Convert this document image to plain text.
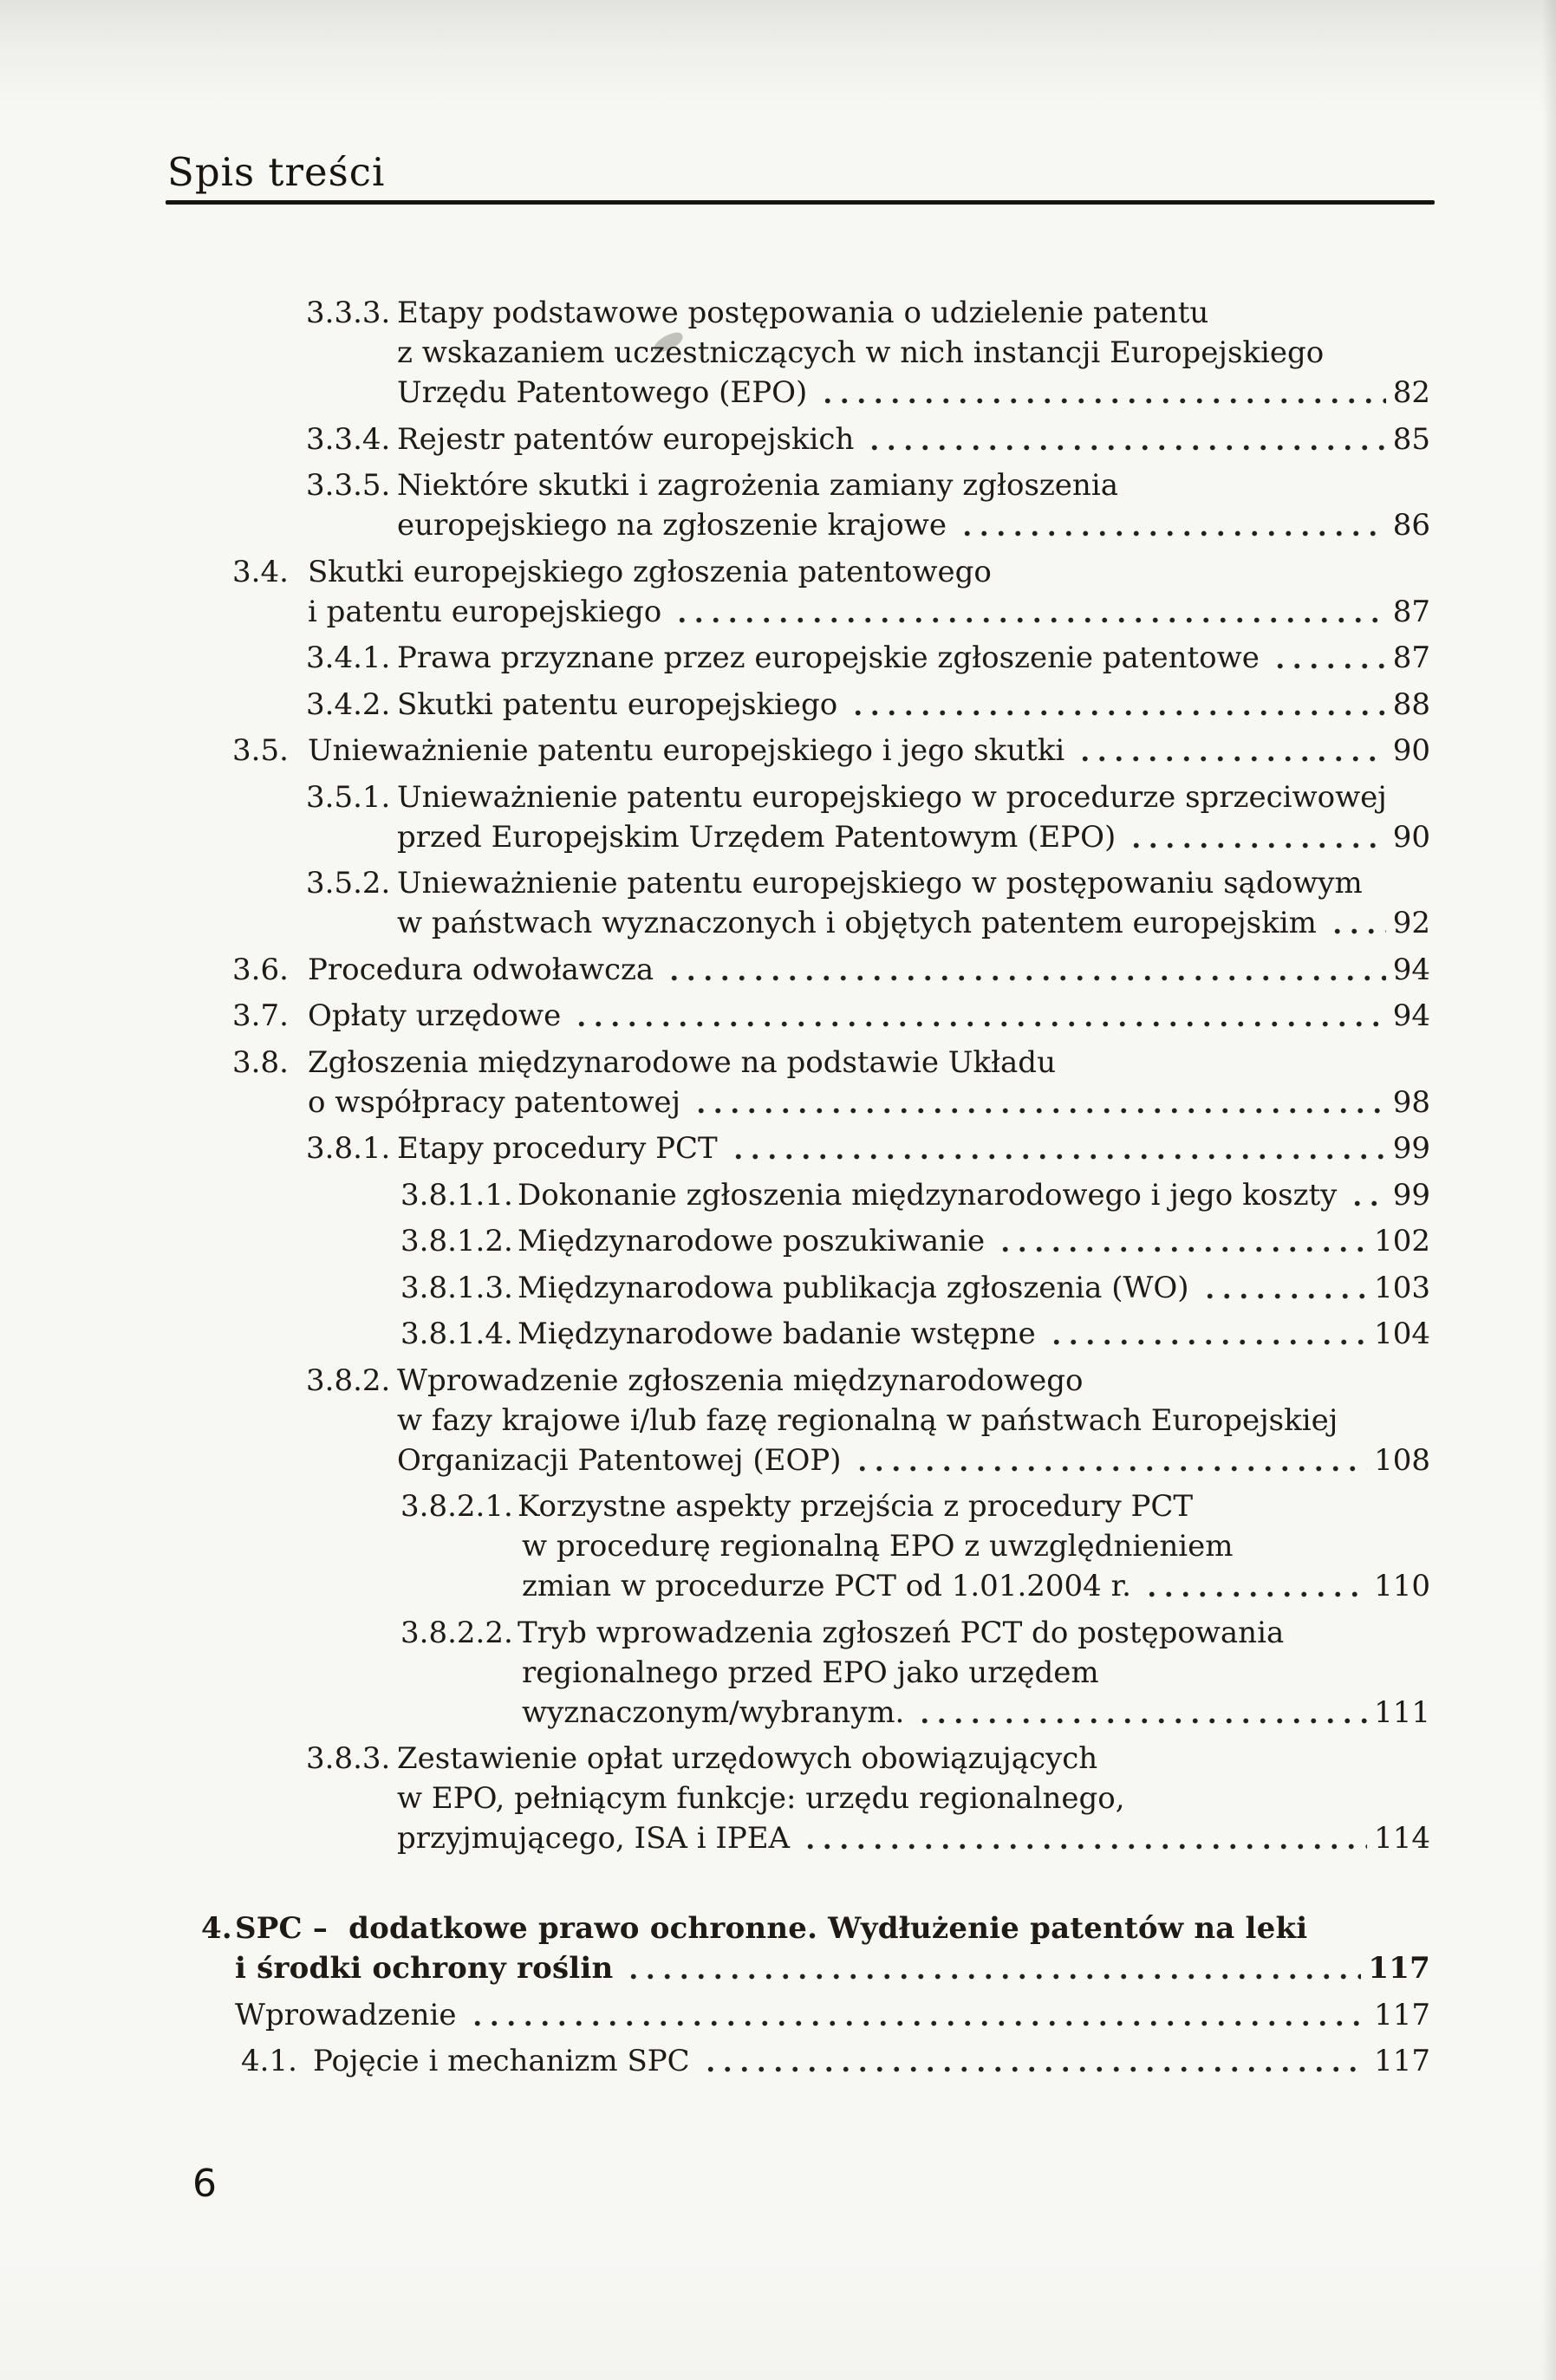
Spis treści
3.3.3. Etapy podstawowe postępowania o udzielenie patentu
z wskazaniem uczestniczących w nich instancji Europejskiego
Urzędu Patentowego (EPO)	82
3.3.4. Rejestr patentów europejskich	85
3.3.5. Niektóre skutki i zagrożenia zamiany zgłoszenia
europejskiego na zgłoszenie krajowe	86
3.4. Skutki europejskiego zgłoszenia patentowego
i patentu europejskiego	87
3.4.1. Prawa przyznane przez europejskie zgłoszenie patentowe	87
3.4.2. Skutki patentu europejskiego	88
3.5. Unieważnienie patentu europejskiego i jego skutki	90
3.5.1. Unieważnienie patentu europejskiego w procedurze sprzeciwowej
przed Europejskim Urzędem Patentowym (EPO)	90
3.5.2. Unieważnienie patentu europejskiego w postępowaniu sądowym
w państwach wyznaczonych i objętych patentem europejskim	92
3.6. Procedura odwoławcza	94
3.7. Opłaty urzędowe	94
3.8. Zgłoszenia międzynarodowe na podstawie Układu
o współpracy patentowej	98
3.8.1. Etapy procedury PCT	99
3.8.1.1. Dokonanie zgłoszenia międzynarodowego i jego koszty 99
3.8.1.2. Międzynarodowe poszukiwanie	102
3.8.1.3. Międzynarodowa publikacja zgłoszenia (WO)	103
3.8.1.4. Międzynarodowe badanie wstępne	104
3.8.2. Wprowadzenie zgłoszenia międzynarodowego
w fazy krajowe i/lub fazę regionalną w państwach Europejskiej
Organizacji Patentowej (EOP)	108
3.8.2.1. Korzystne aspekty przejścia z procedury PCT
w procedurę regionalną EPO z uwzględnieniem
zmian w procedurze PCT od 1.01.2004 r.	110
3.8.2.2. Tryb wprowadzenia zgłoszeń PCT do postępowania
regionalnego przed EPO jako urzędem
wyznaczonym/wybranym.	111
3.8.3. Zestawienie opłat urzędowych obowiązujących
w EPO, pełniącym funkcje: urzędu regionalnego,
przyjmującego, ISA i IPEA	114
4. SPC –  dodatkowe prawo ochronne. Wydłużenie patentów na leki
i środki ochrony roślin	117
Wprowadzenie	117
4.1. Pojęcie i mechanizm SPC	117
6
